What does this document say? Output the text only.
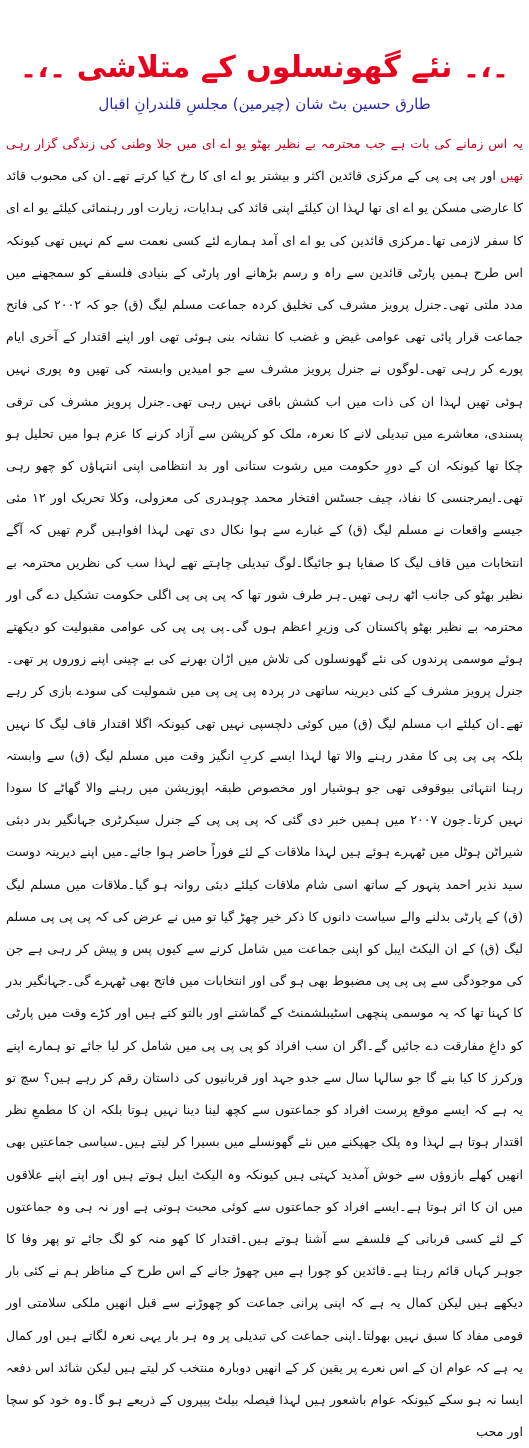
۔،۔ نئے گھونسلوں کے متلاشی ۔،۔
طارق حسین بٹ شان (چیرمین) مجلسِ قلندرانِ اقبال

یہ اس زمانے کی بات ہے جب محترمہ بے نظیر بھٹو یو اے ای میں جلا وطنی کی زندگی گزار رہی تھیں اور پی پی پی کے مرکزی قائدین اکثر و بیشتر یو اے ای کا رخ کیا کرتے تھے۔ان کی محبوب قائد کا عارضی مسکن یو اے ای تھا لہذا ان کیلئے اپنی قائد کی ہدایات، زیارت اور رہنمائی کیلئے یو اے ای کا سفر لازمی تھا۔مرکزی قائدین کی یو اے ای آمد ہمارے لئے کسی نعمت سے کم نہیں تھی کیونکہ اس طرح ہمیں پارٹی قائدین سے راہ و رسم بڑھانے اور پارٹی کے بنیادی فلسفے کو سمجھنے میں مدد ملتی تھی۔جنرل پرویز مشرف کی تخلیق کردہ جماعت مسلم لیگ (ق) جو کہ ۲۰۰۲ کی فاتح جماعت قرار پائی تھی عوامی غیض و غضب کا نشانہ بنی ہوئی تھی اور اپنے اقتدار کے آخری ایام پورے کر رہی تھی۔لوگوں نے جنرل پرویز مشرف سے جو امیدیں وابستہ کی تھیں وہ پوری نہیں ہوئی تھیں لہذا ان کی ذات میں اب کشش باقی نہیں رہی تھی۔جنرل پرویز مشرف کی ترقی پسندی، معاشرے میں تبدیلی لانے کا نعرہ، ملک کو کرپشن سے آزاد کرنے کا عزم ہوا میں تحلیل ہو چکا تھا کیونکہ ان کے دورِ حکومت میں رشوت ستانی اور بد انتظامی اپنی انتہاؤں کو چھو رہی تھی۔ایمرجنسی کا نفاذ، چیف جسٹس افتخار محمد چوہدری کی معزولی، وکلا تحریک اور ۱۲ مئی جیسے واقعات نے مسلم لیگ (ق) کے غبارے سے ہوا نکال دی تھی لہذا افواہیں گرم تھیں کہ آگے انتخابات میں قاف لیگ کا صفایا ہو جائیگا۔لوگ تبدیلی چاہتے تھے لہذا سب کی نظریں محترمہ بے نظیر بھٹو کی جانب اٹھ رہی تھیں۔ہر طرف شور تھا کہ پی پی پی اگلی حکومت تشکیل دے گی اور محترمہ بے نظیر بھٹو پاکستان کی وزیرِ اعظم ہوں گی۔پی پی پی کی عوامی مقبولیت کو دیکھتے ہوئے موسمی پرندوں کی نئے گھونسلوں کی تلاش میں اڑان بھرنے کی بے چینی اپنے زوروں پر تھی۔جنرل پرویز مشرف کے کئی دیرینہ ساتھی در پردہ پی پی پی میں شمولیت کی سودے بازی کر رہے تھے۔ان کیلئے اب مسلم لیگ (ق) میں کوئی دلچسپی نہیں تھی کیونکہ اگلا اقتدار قاف لیگ کا نہیں بلکہ پی پی پی کا مقدر رہنے والا تھا لہذا ایسے کربِ انگیز وقت میں مسلم لیگ (ق) سے وابستہ رہنا انتہائی بیوقوفی تھی جو ہوشیار اور مخصوص طبقہ اپوزیشن میں رہنے والا گھاٹے کا سودا نہیں کرتا۔جون ۲۰۰۷ میں ہمیں خبر دی گئی کہ پی پی پی کے جنرل سیکرٹری جہانگیر بدر دبئی شیراٹن ہوٹل میں ٹھہرے ہوئے ہیں لہذا ملاقات کے لئے فوراً حاضر ہوا جائے۔میں اپنے دیرینہ دوست سید نذیر احمد پنہور کے ساتھ اسی شام ملاقات کیلئے دبئی روانہ ہو گیا۔ملاقات میں مسلم لیگ (ق) کے پارٹی بدلنے والے سیاست دانوں کا ذکر خیر چھڑ گیا تو میں نے عرض کی کہ پی پی پی مسلم لیگ (ق) کے ان الیکٹ ایبل کو اپنی جماعت میں شامل کرنے سے کیوں پس و پیش کر رہی ہے جن کی موجودگی سے پی پی پی مضبوط بھی ہو گی اور انتخابات میں فاتح بھی ٹھہرے گی۔جہانگیر بدر کا کہنا تھا کہ یہ موسمی پنچھی اسٹیبلشمنٹ کے گماشتے اور بالتو کتے ہیں اور کڑے وقت میں پارٹی کو داغِ مفارقت دے جائیں گے۔اگر ان سب افراد کو پی پی پی میں شامل کر لیا جائے تو ہمارے اپنے ورکرز کا کیا بنے گا جو سالہا سال سے جدو جہد اور قربانیوں کی داستان رقم کر رہے ہیں؟ سچ تو یہ ہے کہ ایسے موقع پرست افراد کو جماعتوں سے کچھ لینا دینا نہیں ہوتا بلکہ ان کا مطمعِ نظر اقتدار ہوتا ہے لہذا وہ پلک جھپکنے میں نئے گھونسلے میں بسیرا کر لیتے ہیں۔سیاسی جماعتیں بھی انھیں کھلے بازوؤں سے خوش آمدید کہتی ہیں کیونکہ وہ الیکٹ ایبل ہوتے ہیں اور اپنے اپنے علاقوں میں ان کا اثر ہوتا ہے۔ایسے افراد کو جماعتوں سے کوئی محبت ہوتی ہے اور نہ ہی وہ جماعتوں کے لئے کسی قربانی کے فلسفے سے آشنا ہوتے ہیں۔اقتدار کا کھو منہ کو لگ جائے تو پھر وفا کا جوہر کہاں قائم رہتا ہے۔قائدین کو چورا ہے میں چھوڑ جانے کے اس طرح کے مناظر ہم نے کئی بار دیکھے ہیں لیکن کمال یہ ہے کہ اپنی پرانی جماعت کو چھوڑنے سے قبل انھیں ملکی سلامتی اور قومی مفاد کا سبق نہیں بھولتا۔اپنی جماعت کی تبدیلی پر وہ ہر بار یہی نعرہ لگاتے ہیں اور کمال یہ ہے کہ عوام ان کے اس نعرے پر یقین کر کے انھیں دوبارہ منتخب کر لیتے ہیں لیکن شائد اس دفعہ ایسا نہ ہو سکے کیونکہ عوام باشعور ہیں لہذا فیصلہ بیلٹ پیپروں کے ذریعے ہو گا۔وہ خود کو سچا اور محب
